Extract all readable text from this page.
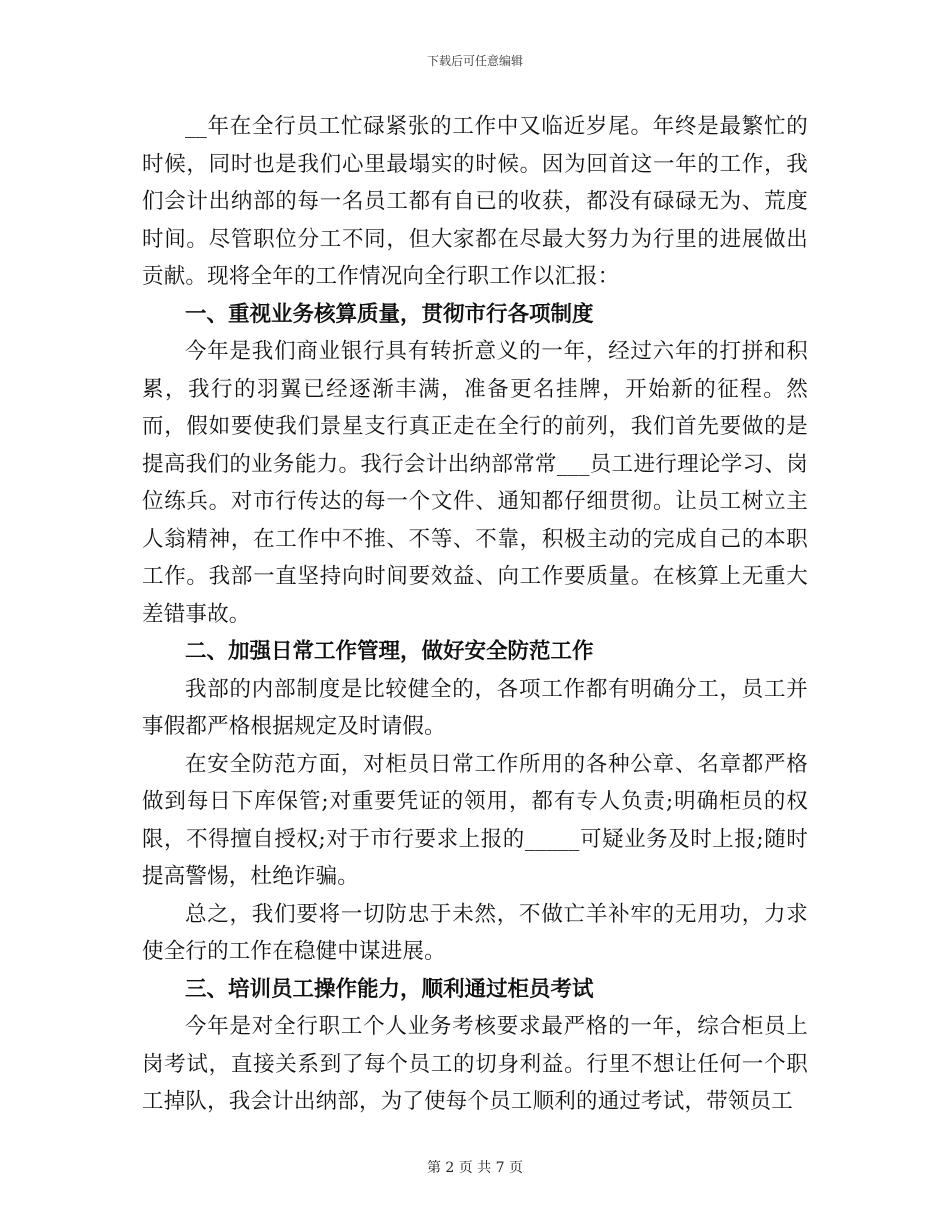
下载后可任意编辑

__年在全行员工忙碌紧张的工作中又临近岁尾。年终是最繁忙的时候，同时也是我们心里最塌实的时候。因为回首这一年的工作，我们会计出纳部的每一名员工都有自已的收获，都没有碌碌无为、荒度时间。尽管职位分工不同，但大家都在尽最大努力为行里的进展做出贡献。现将全年的工作情况向全行职工作以汇报：

一、重视业务核算质量，贯彻市行各项制度

今年是我们商业银行具有转折意义的一年，经过六年的打拼和积累，我行的羽翼已经逐渐丰满，准备更名挂牌，开始新的征程。然而，假如要使我们景星支行真正走在全行的前列，我们首先要做的是提高我们的业务能力。我行会计出纳部常常___员工进行理论学习、岗位练兵。对市行传达的每一个文件、通知都仔细贯彻。让员工树立主人翁精神，在工作中不推、不等、不靠，积极主动的完成自己的本职工作。我部一直坚持向时间要效益、向工作要质量。在核算上无重大差错事故。

二、加强日常工作管理，做好安全防范工作

我部的内部制度是比较健全的，各项工作都有明确分工，员工并事假都严格根据规定及时请假。

在安全防范方面，对柜员日常工作所用的各种公章、名章都严格做到每日下库保管;对重要凭证的领用，都有专人负责;明确柜员的权限，不得擅自授权;对于市行要求上报的_____可疑业务及时上报;随时提高警惕，杜绝诈骗。

总之，我们要将一切防忠于未然，不做亡羊补牢的无用功，力求使全行的工作在稳健中谋进展。

三、培训员工操作能力，顺利通过柜员考试

今年是对全行职工个人业务考核要求最严格的一年，综合柜员上岗考试，直接关系到了每个员工的切身利益。行里不想让任何一个职工掉队，我会计出纳部，为了使每个员工顺利的通过考试，带领员工

第 2 页 共 7 页
